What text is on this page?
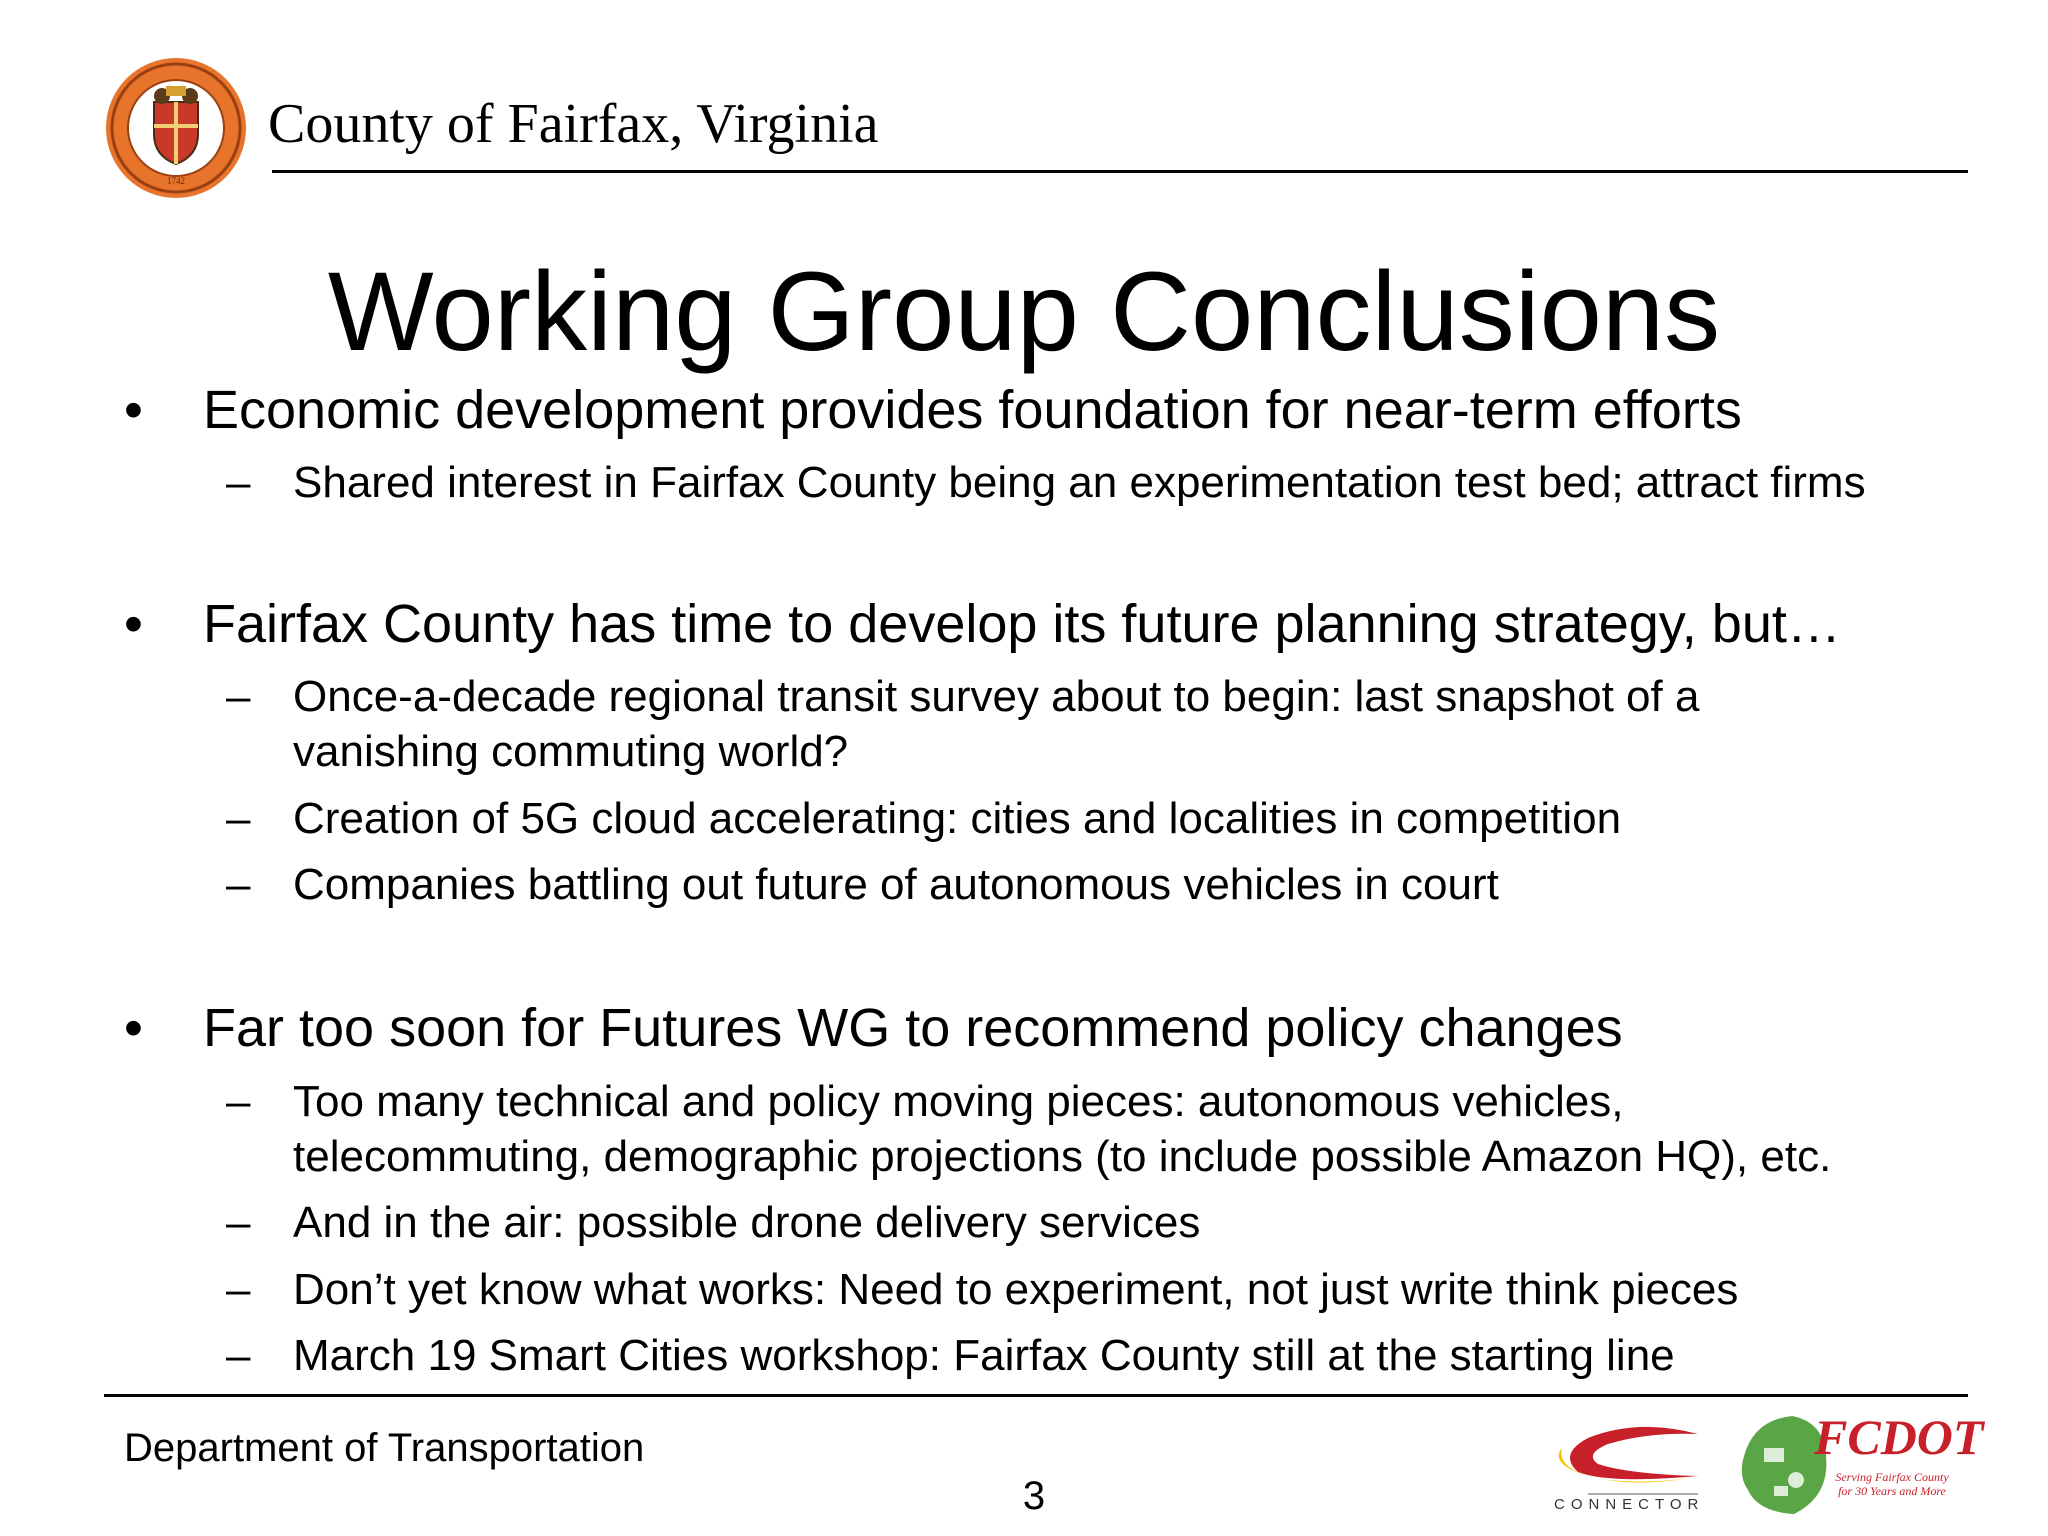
1742
County of Fairfax, Virginia
Working Group Conclusions
• Economic development provides foundation for near-term efforts
– Shared interest in Fairfax County being an experimentation test bed; attract firms
• Fairfax County has time to develop its future planning strategy, but…
– Once-a-decade regional transit survey about to begin: last snapshot of a
vanishing commuting world?
– Creation of 5G cloud accelerating: cities and localities in competition
– Companies battling out future of autonomous vehicles in court
• Far too soon for Futures WG to recommend policy changes
– Too many technical and policy moving pieces: autonomous vehicles,
telecommuting, demographic projections (to include possible Amazon HQ), etc.
– And in the air: possible drone delivery services
– Don’t yet know what works: Need to experiment, not just write think pieces
– March 19 Smart Cities workshop: Fairfax County still at the starting line
Department of Transportation
3	CONNECTOR
FCDOT
Serving Fairfax County for 30 Years and More
